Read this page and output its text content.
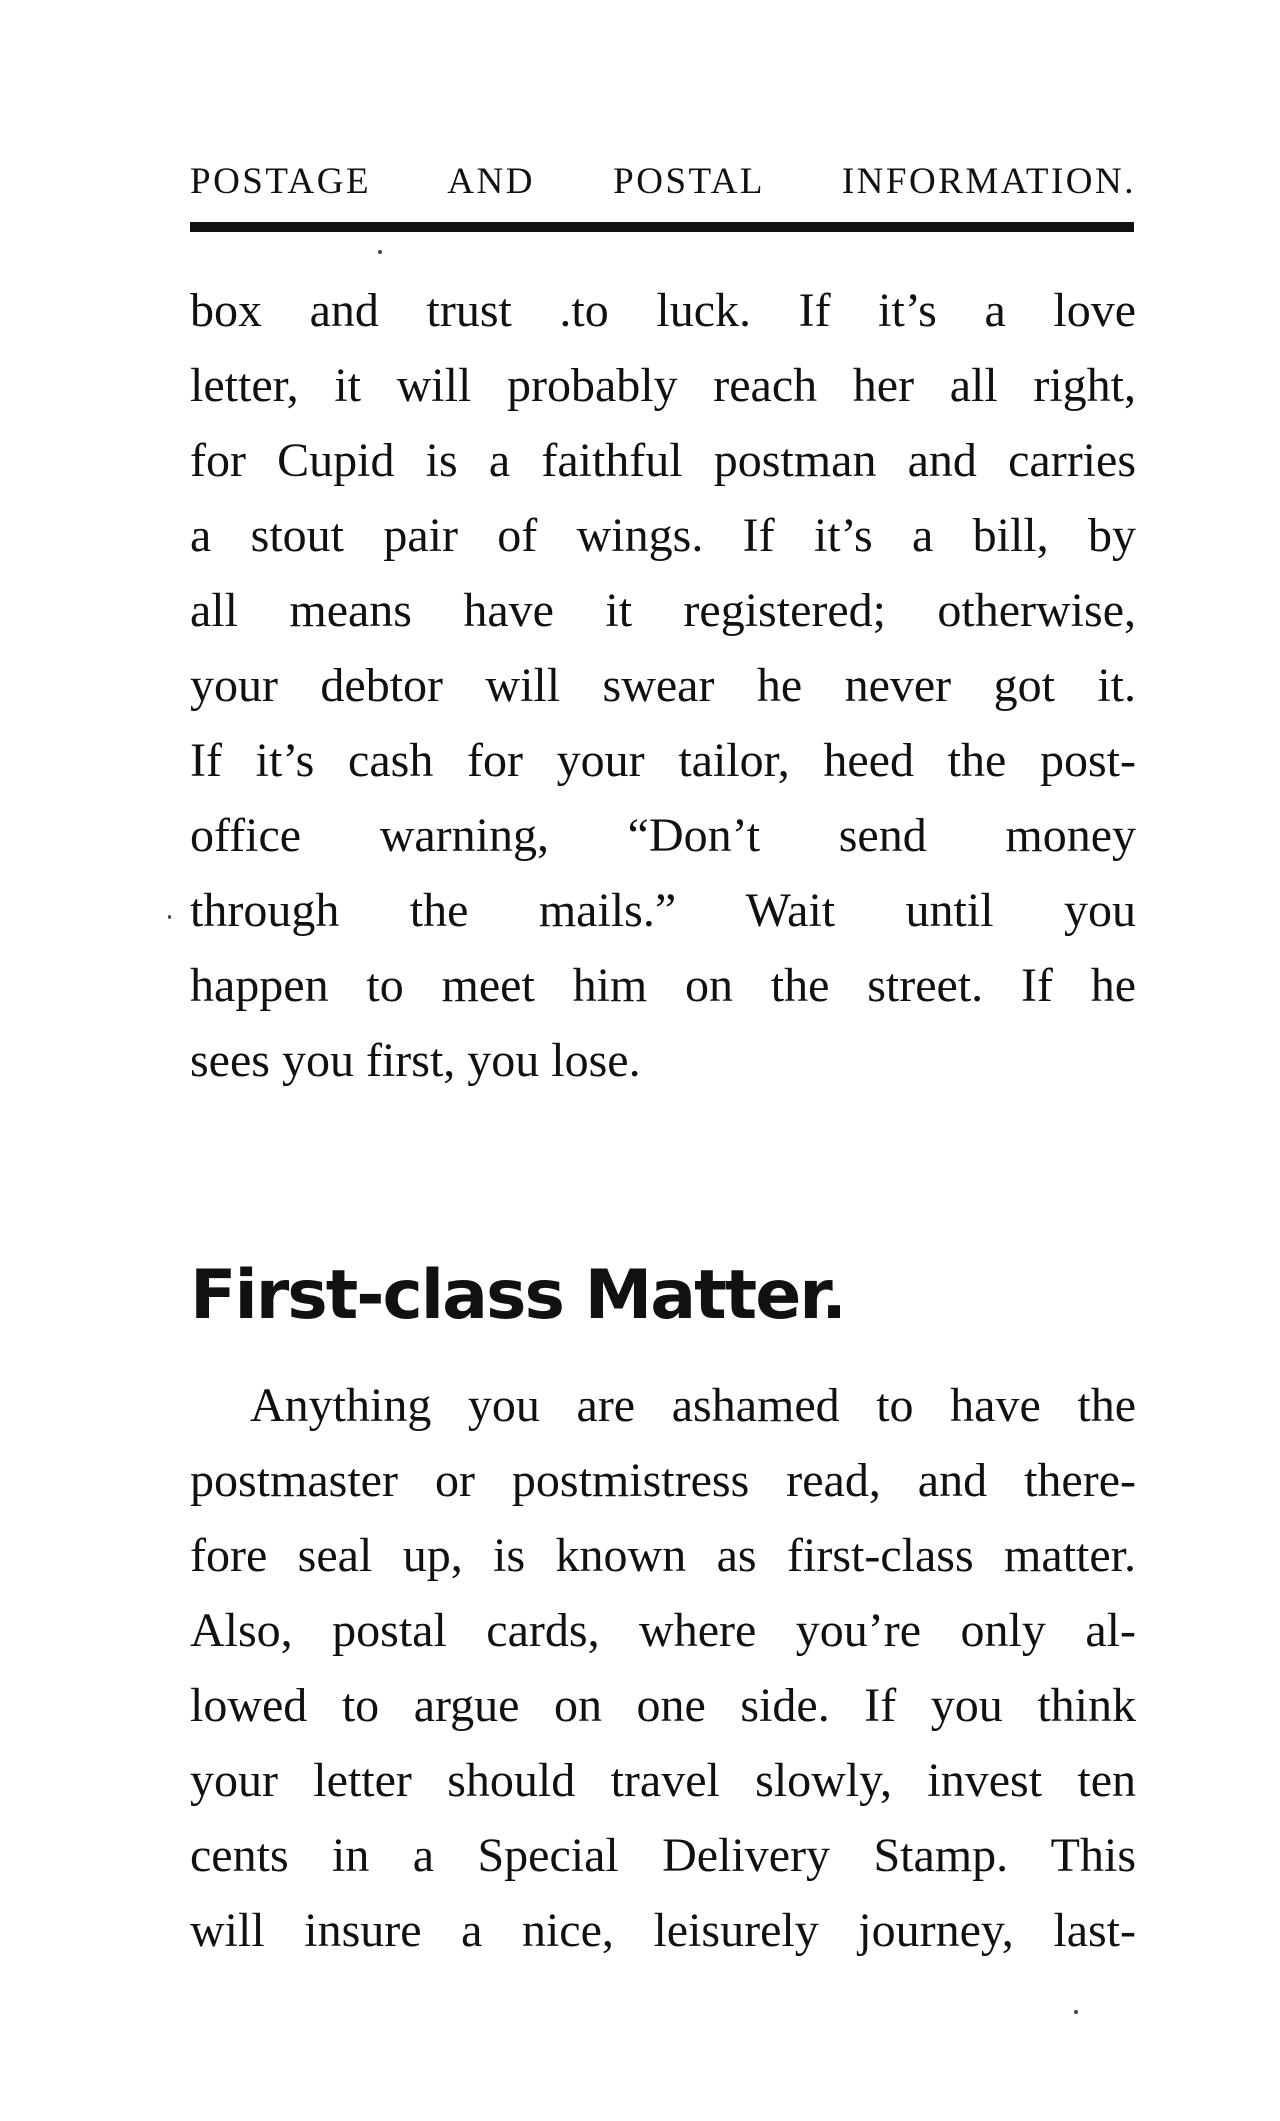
POSTAGE AND POSTAL INFORMATION.
box and trust .to luck. If it’s a love
letter, it will probably reach her all right,
for Cupid is a faithful postman and carries
a stout pair of wings. If it’s a bill, by
all means have it registered; otherwise,
your debtor will swear he never got it.
If it’s cash for your tailor, heed the post-
office warning, “Don’t send money
through the mails.” Wait until you
happen to meet him on the street. If he
sees you first, you lose.
First-class Matter.
Anything you are ashamed to have the
postmaster or postmistress read, and there-
fore seal up, is known as first-class matter.
Also, postal cards, where you’re only al-
lowed to argue on one side. If you think
your letter should travel slowly, invest ten
cents in a Special Delivery Stamp. This
will insure a nice, leisurely journey, last-
